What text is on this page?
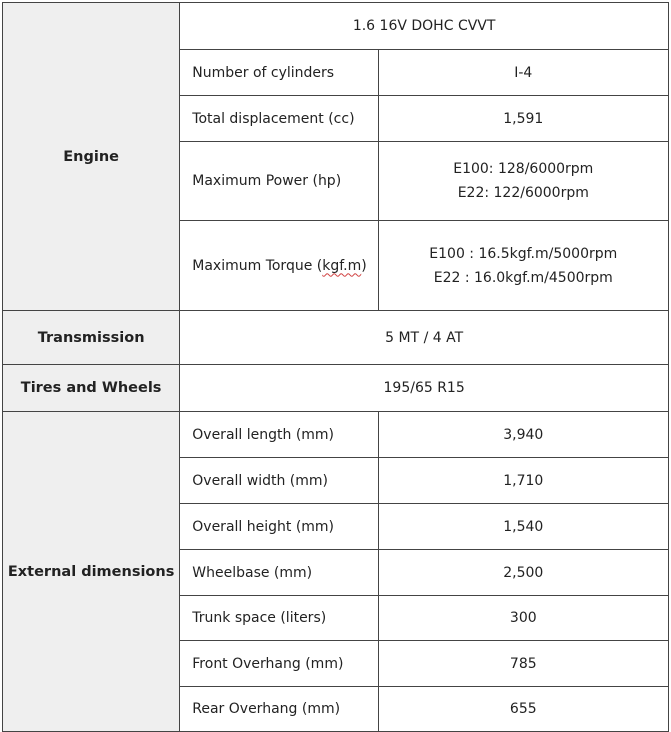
Engine	1.6 16V DOHC CVVT	
	Number of cylinders	I-4
	Total displacement (cc)	1,591
	Maximum Power (hp)	E100: 128/6000rpm
E22: 122/6000rpm

	Maximum Torque (kgf.m)	E100 : 16.5kgf.m/5000rpm
E22 : 16.0kgf.m/4500rpm

Transmission	5 MT / 4 AT	
Tires and Wheels	195/65 R15	
External dimensions	Overall length (mm)	3,940
	Overall width (mm)	1,710
	Overall height (mm)	1,540
	Wheelbase (mm)	2,500
	Trunk space (liters)	300
	Front Overhang (mm)	785
	Rear Overhang (mm)	655
